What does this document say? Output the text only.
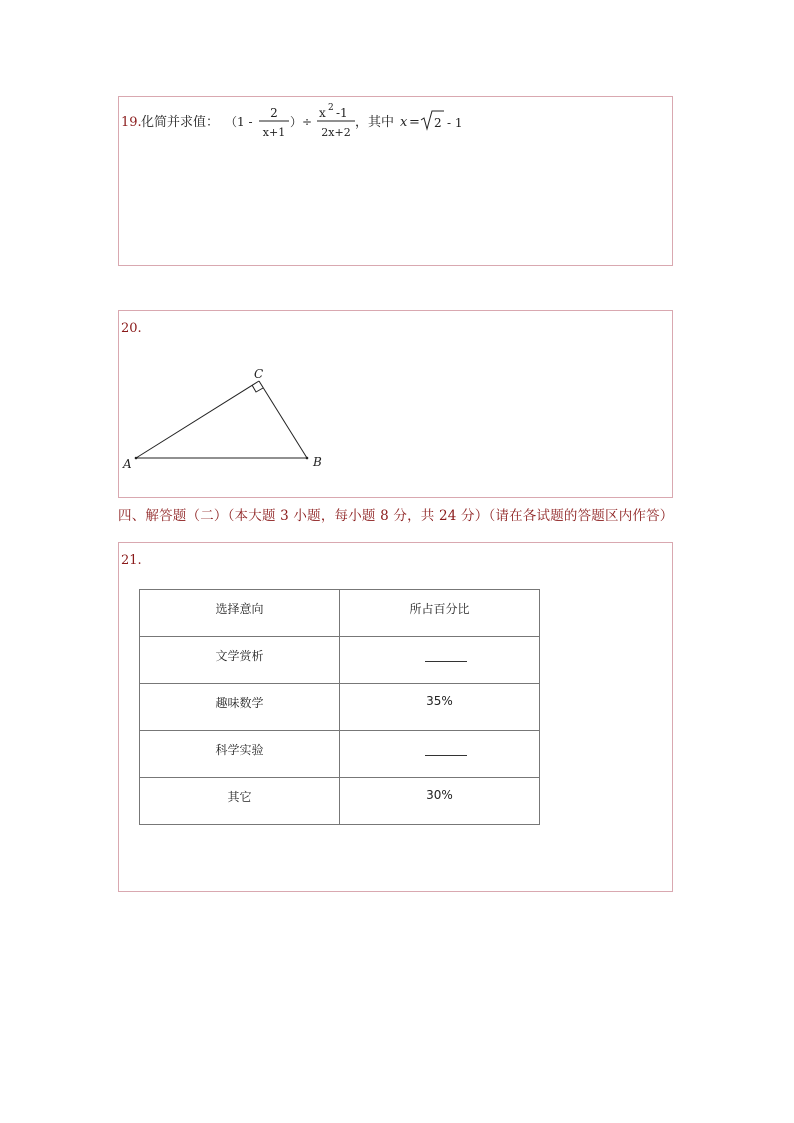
19. 化简并求值： （1 -
2
x+1
）÷
x 2 -1
2x+2
，其中 x = 2 - 1
20.
A	B
C
四、解答题（二）（本大题 3 小题，每小题 8 分，共 24 分）（请在各试题的答题区内作答）
21.
选择意向	所占百分比
文学赏析	
趣味数学	35%
科学实验	
其它	30%
